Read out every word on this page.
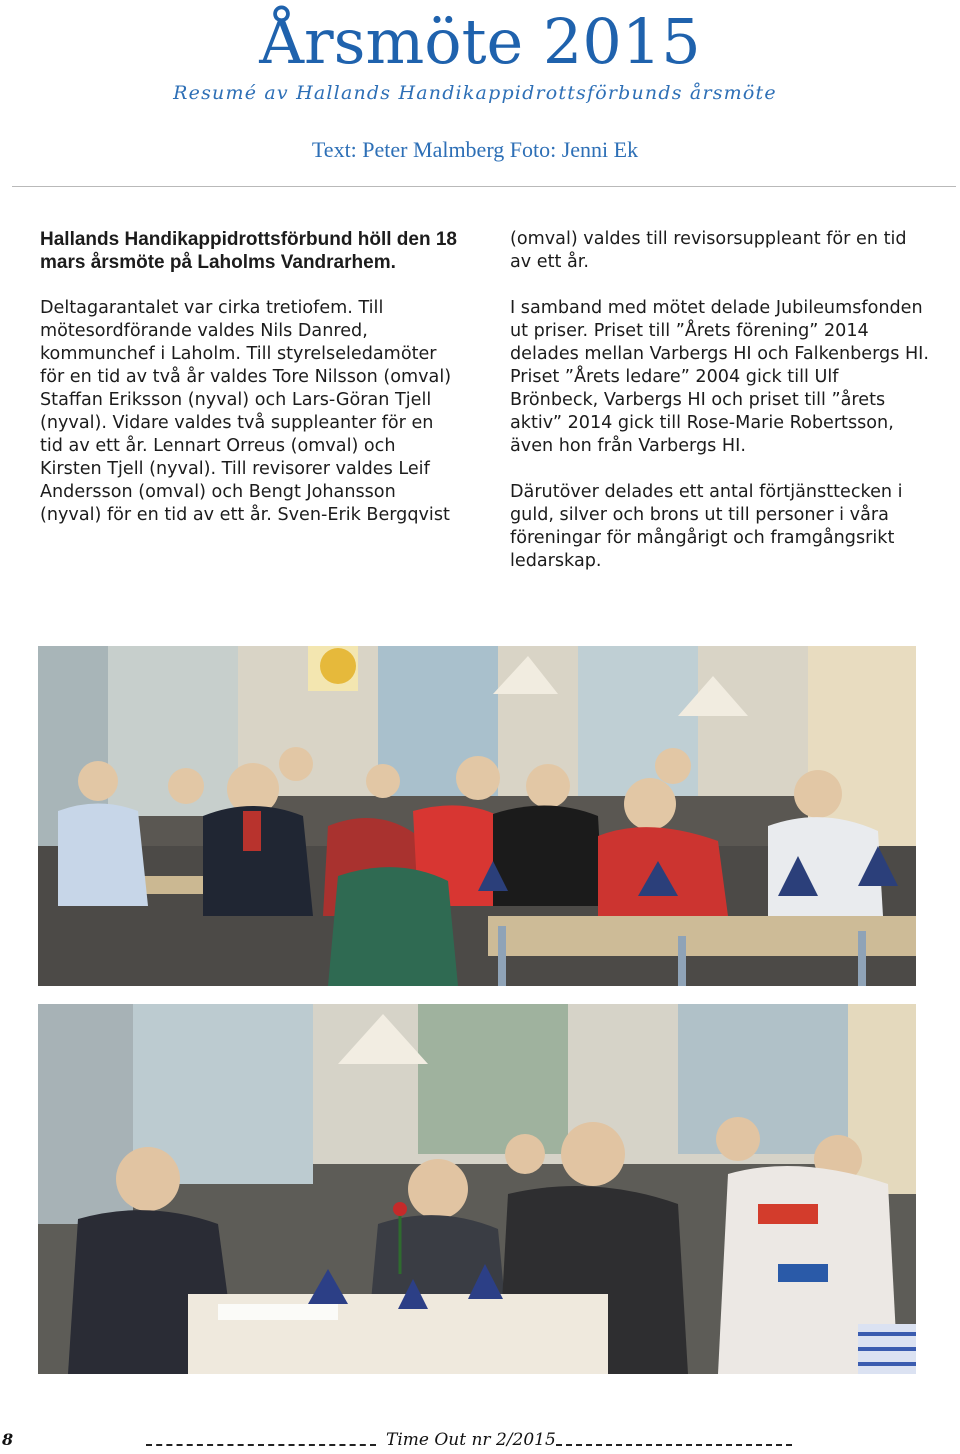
Årsmöte 2015
Resumé av Hallands Handikappidrottsförbunds årsmöte
Text: Peter Malmberg Foto: Jenni Ek

Hallands Handikappidrottsförbund höll den 18 mars årsmöte på Laholms Vandrarhem.

Deltagarantalet var cirka tretiofem. Till mötesordförande valdes Nils Danred, kommunchef i Laholm. Till styrelseledamöter för en tid av två år valdes Tore Nilsson (omval) Staffan Eriksson (nyval) och Lars-Göran Tjell (nyval). Vidare valdes två suppleanter för en tid av ett år. Lennart Orreus (omval) och Kirsten Tjell (nyval). Till revisorer valdes Leif Andersson (omval) och Bengt Johansson (nyval) för en tid av ett år. Sven-Erik Bergqvist

(omval) valdes till revisorsuppleant för en tid av ett år.

I samband med mötet delade Jubileumsfonden ut priser. Priset till ”Årets förening” 2014 delades mellan Varbergs HI och Falkenbergs HI. Priset ”Årets ledare” 2004 gick till Ulf Brönbeck, Varbergs HI och priset till ”årets aktiv” 2014 gick till Rose-Marie Robertsson, även hon från Varbergs HI.

Därutöver delades ett antal förtjänsttecken i guld, silver och brons ut till personer i våra föreningar för mångårigt och framgångsrikt ledarskap.

8	Time Out nr 2/2015
